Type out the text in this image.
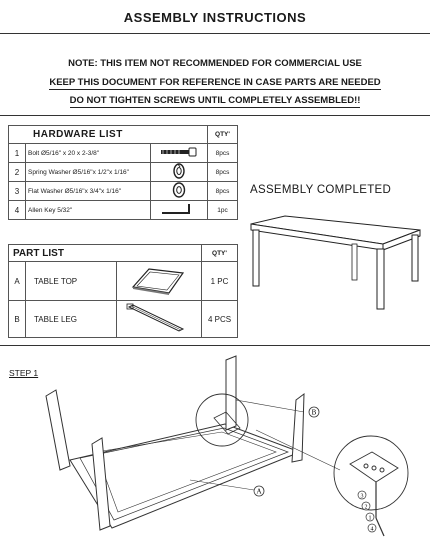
ASSEMBLY INSTRUCTIONS
NOTE: THIS ITEM NOT RECOMMENDED FOR COMMERCIAL USE
KEEP THIS DOCUMENT FOR REFERENCE IN CASE PARTS ARE NEEDED
DO NOT TIGHTEN SCREWS UNTIL COMPLETELY ASSEMBLED!!
HARDWARE LIST			QTY'
1	Bolt Ø5/16" x 20 x 2-3/8"		8pcs
2	Spring Washer Ø5/16"x 1/2"x 1/16"		8pcs
3	Flat Washer Ø5/16"x 3/4"x 1/16"		8pcs
4	Allen Key 5/32"		1pc
PART LIST			QTY'
A	TABLE TOP		1 PC
B	TABLE LEG		4 PCS
ASSEMBLY COMPLETED
STEP 1
B
A
3
2
1
4
